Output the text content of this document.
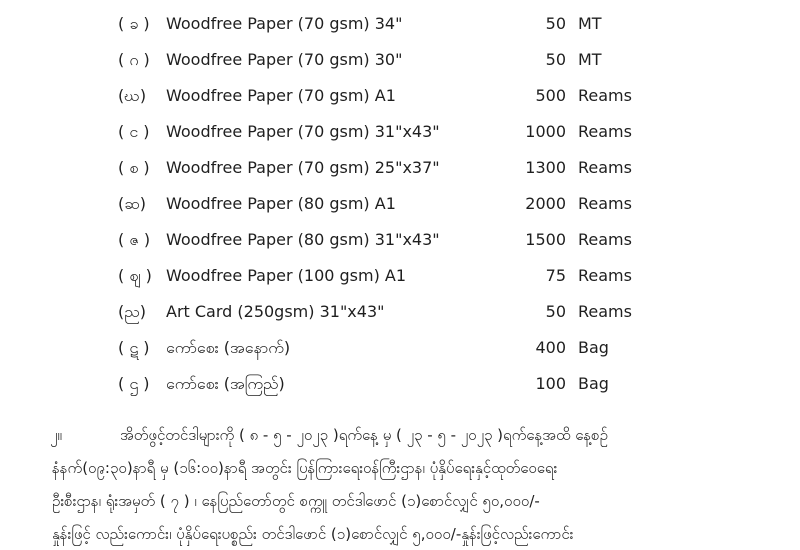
( ခ )	Woodfree Paper (70 gsm) 34"	50 MT
( ဂ )	Woodfree Paper (70 gsm) 30"	50 MT
(ဃ)	Woodfree Paper (70 gsm) A1	500 Reams
( င )	Woodfree Paper (70 gsm) 31"x43"	1000 Reams
( စ )	Woodfree Paper (70 gsm) 25"x37"	1300 Reams
(ဆ)	Woodfree Paper (80 gsm) A1	2000 Reams
( ဇ ) Woodfree Paper (80 gsm) 31"x43"	1500 Reams
( ဈ ) Woodfree Paper (100 gsm) A1	75 Reams
(ည)	Art Card (250gsm) 31"x43"	50 Reams
( ဋ )	ကော်စေး (အနောက်)	400 Bag
( ဌ )	ကော်စေး (အကြည်)	100 Bag
၂။	အိတ်ဖွင့်တင်ဒါများကို ( ၈ - ၅ - ၂၀၂၃ )ရက်နေ့ မှ ( ၂၃ - ၅ - ၂၀၂၃ )ရက်နေ့အထိ နေ့စဉ်
နံနက်(၀၉:၃၀)နာရီ မှ (၁၆:၀၀)နာရီ အတွင်း ပြန်ကြားရေးဝန်ကြီးဌာန၊ ပုံနှိပ်ရေးနှင့်ထုတ်ဝေရေး
ဦးစီးဌာန၊ ရုံးအမှတ် ( ၇ ) ၊ နေပြည်တော်တွင် စက္ကူ တင်ဒါဖောင် (၁)စောင်လျှင် ၅၀,၀၀၀/-
နှုန်းဖြင့် လည်းကောင်း၊ ပုံနှိပ်ရေးပစ္စည်း တင်ဒါဖောင် (၁)စောင်လျှင် ၅,၀၀၀/-နှုန်းဖြင့်လည်းကောင်း
